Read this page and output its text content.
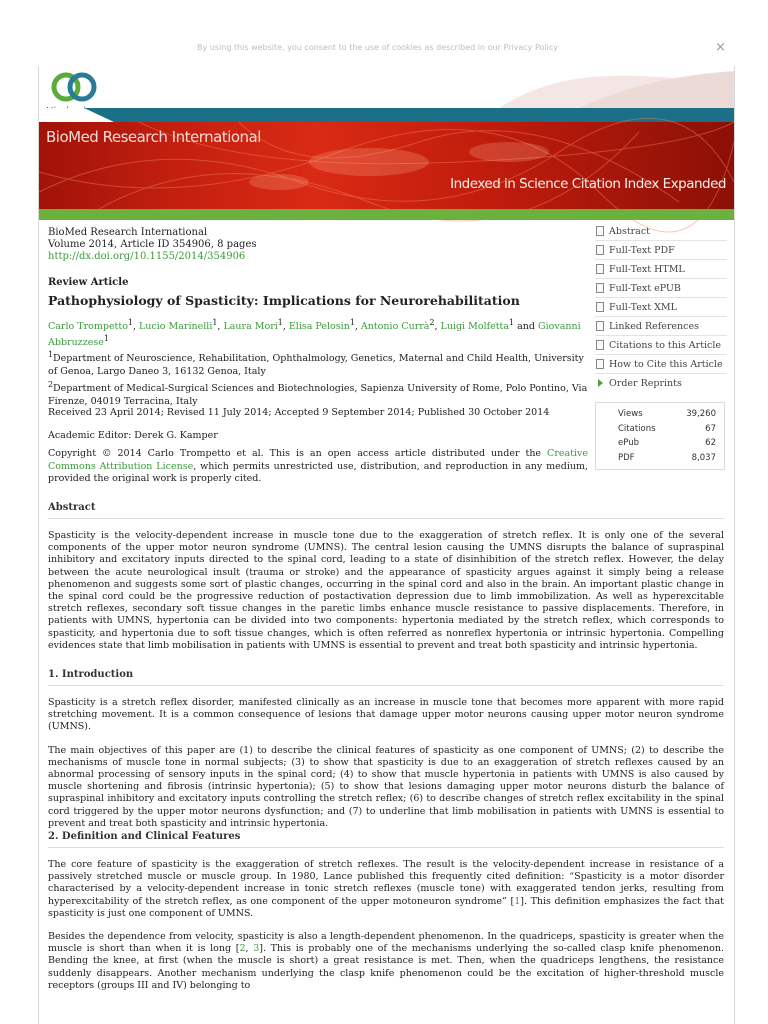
By using this website, you consent to the use of cookies as described in our Privacy Policy	×
BioMed Research International
Indexed in Science Citation Index Expanded
BioMed Research International
Volume 2014, Article ID 354906, 8 pages
http://dx.doi.org/10.1155/2014/354906
Review Article
Pathophysiology of Spasticity: Implications for Neurorehabilitation
Carlo Trompetto$^1$, Lucio Marinelli$^1$, Laura Mori$^1$, Elisa Pelosin$^1$, Antonio Currà$^2$, Luigi Molfetta$^1$ and Giovanni Abbruzzese$^1$
$^1$Department of Neuroscience, Rehabilitation, Ophthalmology, Genetics, Maternal and Child Health, University of Genoa, Largo Daneo 3, 16132 Genoa, Italy
$^2$Department of Medical-Surgical Sciences and Biotechnologies, Sapienza University of Rome, Polo Pontino, Via Firenze, 04019 Terracina, Italy
Received 23 April 2014; Revised 11 July 2014; Accepted 9 September 2014; Published 30 October 2014
Academic Editor: Derek G. Kamper
Copyright © 2014 Carlo Trompetto et al. This is an open access article distributed under the Creative Commons Attribution License, which permits unrestricted use, distribution, and reproduction in any medium, provided the original work is properly cited.
Abstract
Spasticity is the velocity-dependent increase in muscle tone due to the exaggeration of stretch reflex. It is only one of the several components of the upper motor neuron syndrome (UMNS). The central lesion causing the UMNS disrupts the balance of supraspinal inhibitory and excitatory inputs directed to the spinal cord, leading to a state of disinhibition of the stretch reflex. However, the delay between the acute neurological insult (trauma or stroke) and the appearance of spasticity argues against it simply being a release phenomenon and suggests some sort of plastic changes, occurring in the spinal cord and also in the brain. An important plastic change in the spinal cord could be the progressive reduction of postactivation depression due to limb immobilization. As well as hyperexcitable stretch reflexes, secondary soft tissue changes in the paretic limbs enhance muscle resistance to passive displacements. Therefore, in patients with UMNS, hypertonia can be divided into two components: hypertonia mediated by the stretch reflex, which corresponds to spasticity, and hypertonia due to soft tissue changes, which is often referred as nonreflex hypertonia or intrinsic hypertonia. Compelling evidences state that limb mobilisation in patients with UMNS is essential to prevent and treat both spasticity and intrinsic hypertonia.
1. Introduction
Spasticity is a stretch reflex disorder, manifested clinically as an increase in muscle tone that becomes more apparent with more rapid stretching movement. It is a common consequence of lesions that damage upper motor neurons causing upper motor neuron syndrome (UMNS).
The main objectives of this paper are (1) to describe the clinical features of spasticity as one component of UMNS; (2) to describe the mechanisms of muscle tone in normal subjects; (3) to show that spasticity is due to an exaggeration of stretch reflexes caused by an abnormal processing of sensory inputs in the spinal cord; (4) to show that muscle hypertonia in patients with UMNS is also caused by muscle shortening and fibrosis (intrinsic hypertonia); (5) to show that lesions damaging upper motor neurons disturb the balance of supraspinal inhibitory and excitatory inputs controlling the stretch reflex; (6) to describe changes of stretch reflex excitability in the spinal cord triggered by the upper motor neurons dysfunction; and (7) to underline that limb mobilisation in patients with UMNS is essential to prevent and treat both spasticity and intrinsic hypertonia.
2. Definition and Clinical Features
The core feature of spasticity is the exaggeration of stretch reflexes. The result is the velocity-dependent increase in resistance of a passively stretched muscle or muscle group. In 1980, Lance published this frequently cited definition: “Spasticity is a motor disorder characterised by a velocity-dependent increase in tonic stretch reflexes (muscle tone) with exaggerated tendon jerks, resulting from hyperexcitability of the stretch reflex, as one component of the upper motoneuron syndrome” [1]. This definition emphasizes the fact that spasticity is just one component of UMNS.
Besides the dependence from velocity, spasticity is also a length-dependent phenomenon. In the quadriceps, spasticity is greater when the muscle is short than when it is long [2, 3]. This is probably one of the mechanisms underlying the so-called clasp knife phenomenon. Bending the knee, at first (when the muscle is short) a great resistance is met. Then, when the quadriceps lengthens, the resistance suddenly disappears. Another mechanism underlying the clasp knife phenomenon could be the excitation of higher-threshold muscle receptors (groups III and IV) belonging to
Abstract
Full-Text PDF
Full-Text HTML
Full-Text ePUB
Full-Text XML
Linked References
Citations to this Article
How to Cite this Article
Order Reprints
Views	39,260
Citations	67
ePub	62
PDF	8,037
